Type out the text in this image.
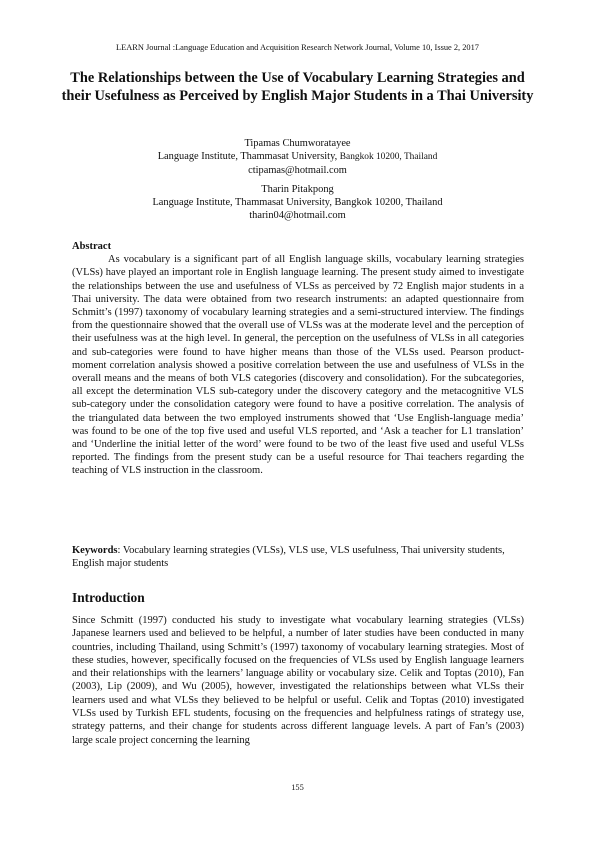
LEARN Journal :Language Education and Acquisition Research Network Journal, Volume 10, Issue 2, 2017
The Relationships between the Use of Vocabulary Learning Strategies and their Usefulness as Perceived by English Major Students in a Thai University
Tipamas Chumworatayee
Language Institute, Thammasat University, Bangkok 10200, Thailand
ctipamas@hotmail.com
Tharin Pitakpong
Language Institute, Thammasat University, Bangkok 10200, Thailand
tharin04@hotmail.com
Abstract

As vocabulary is a significant part of all English language skills, vocabulary learning strategies (VLSs) have played an important role in English language learning. The present study aimed to investigate the relationships between the use and usefulness of VLSs as perceived by 72 English major students in a Thai university. The data were obtained from two research instruments: an adapted questionnaire from Schmitt’s (1997) taxonomy of vocabulary learning strategies and a semi-structured interview. The findings from the questionnaire showed that the overall use of VLSs was at the moderate level and the perception of their usefulness was at the high level. In general, the perception on the usefulness of VLSs in all categories and sub-categories were found to have higher means than those of the VLSs used. Pearson product-moment correlation analysis showed a positive correlation between the use and usefulness of VLSs in the overall means and the means of both VLS categories (discovery and consolidation). For the subcategories, all except the determination VLS sub-category under the discovery category and the metacognitive VLS sub-category under the consolidation category were found to have a positive correlation. The analysis of the triangulated data between the two employed instruments showed that ‘Use English-language media’ was found to be one of the top five used and useful VLS reported, and ‘Ask a teacher for L1 translation’ and ‘Underline the initial letter of the word’ were found to be two of the least five used and useful VLSs reported. The findings from the present study can be a useful resource for Thai teachers regarding the teaching of VLS instruction in the classroom.

Keywords: Vocabulary learning strategies (VLSs), VLS use, VLS usefulness, Thai university students, English major students
Introduction

Since Schmitt (1997) conducted his study to investigate what vocabulary learning strategies (VLSs) Japanese learners used and believed to be helpful, a number of later studies have been conducted in many countries, including Thailand, using Schmitt’s (1997) taxonomy of vocabulary learning strategies. Most of these studies, however, specifically focused on the frequencies of VLSs used by English language learners and their relationships with the learners’ language ability or vocabulary size. Celik and Toptas (2010), Fan (2003), Lip (2009), and Wu (2005), however, investigated the relationships between what VLSs their learners used and what VLSs they believed to be helpful or useful. Celik and Toptas (2010) investigated VLSs used by Turkish EFL students, focusing on the frequencies and helpfulness ratings of strategy use, strategy patterns, and their change for students across different language levels. A part of Fan’s (2003) large scale project concerning the learning

155
